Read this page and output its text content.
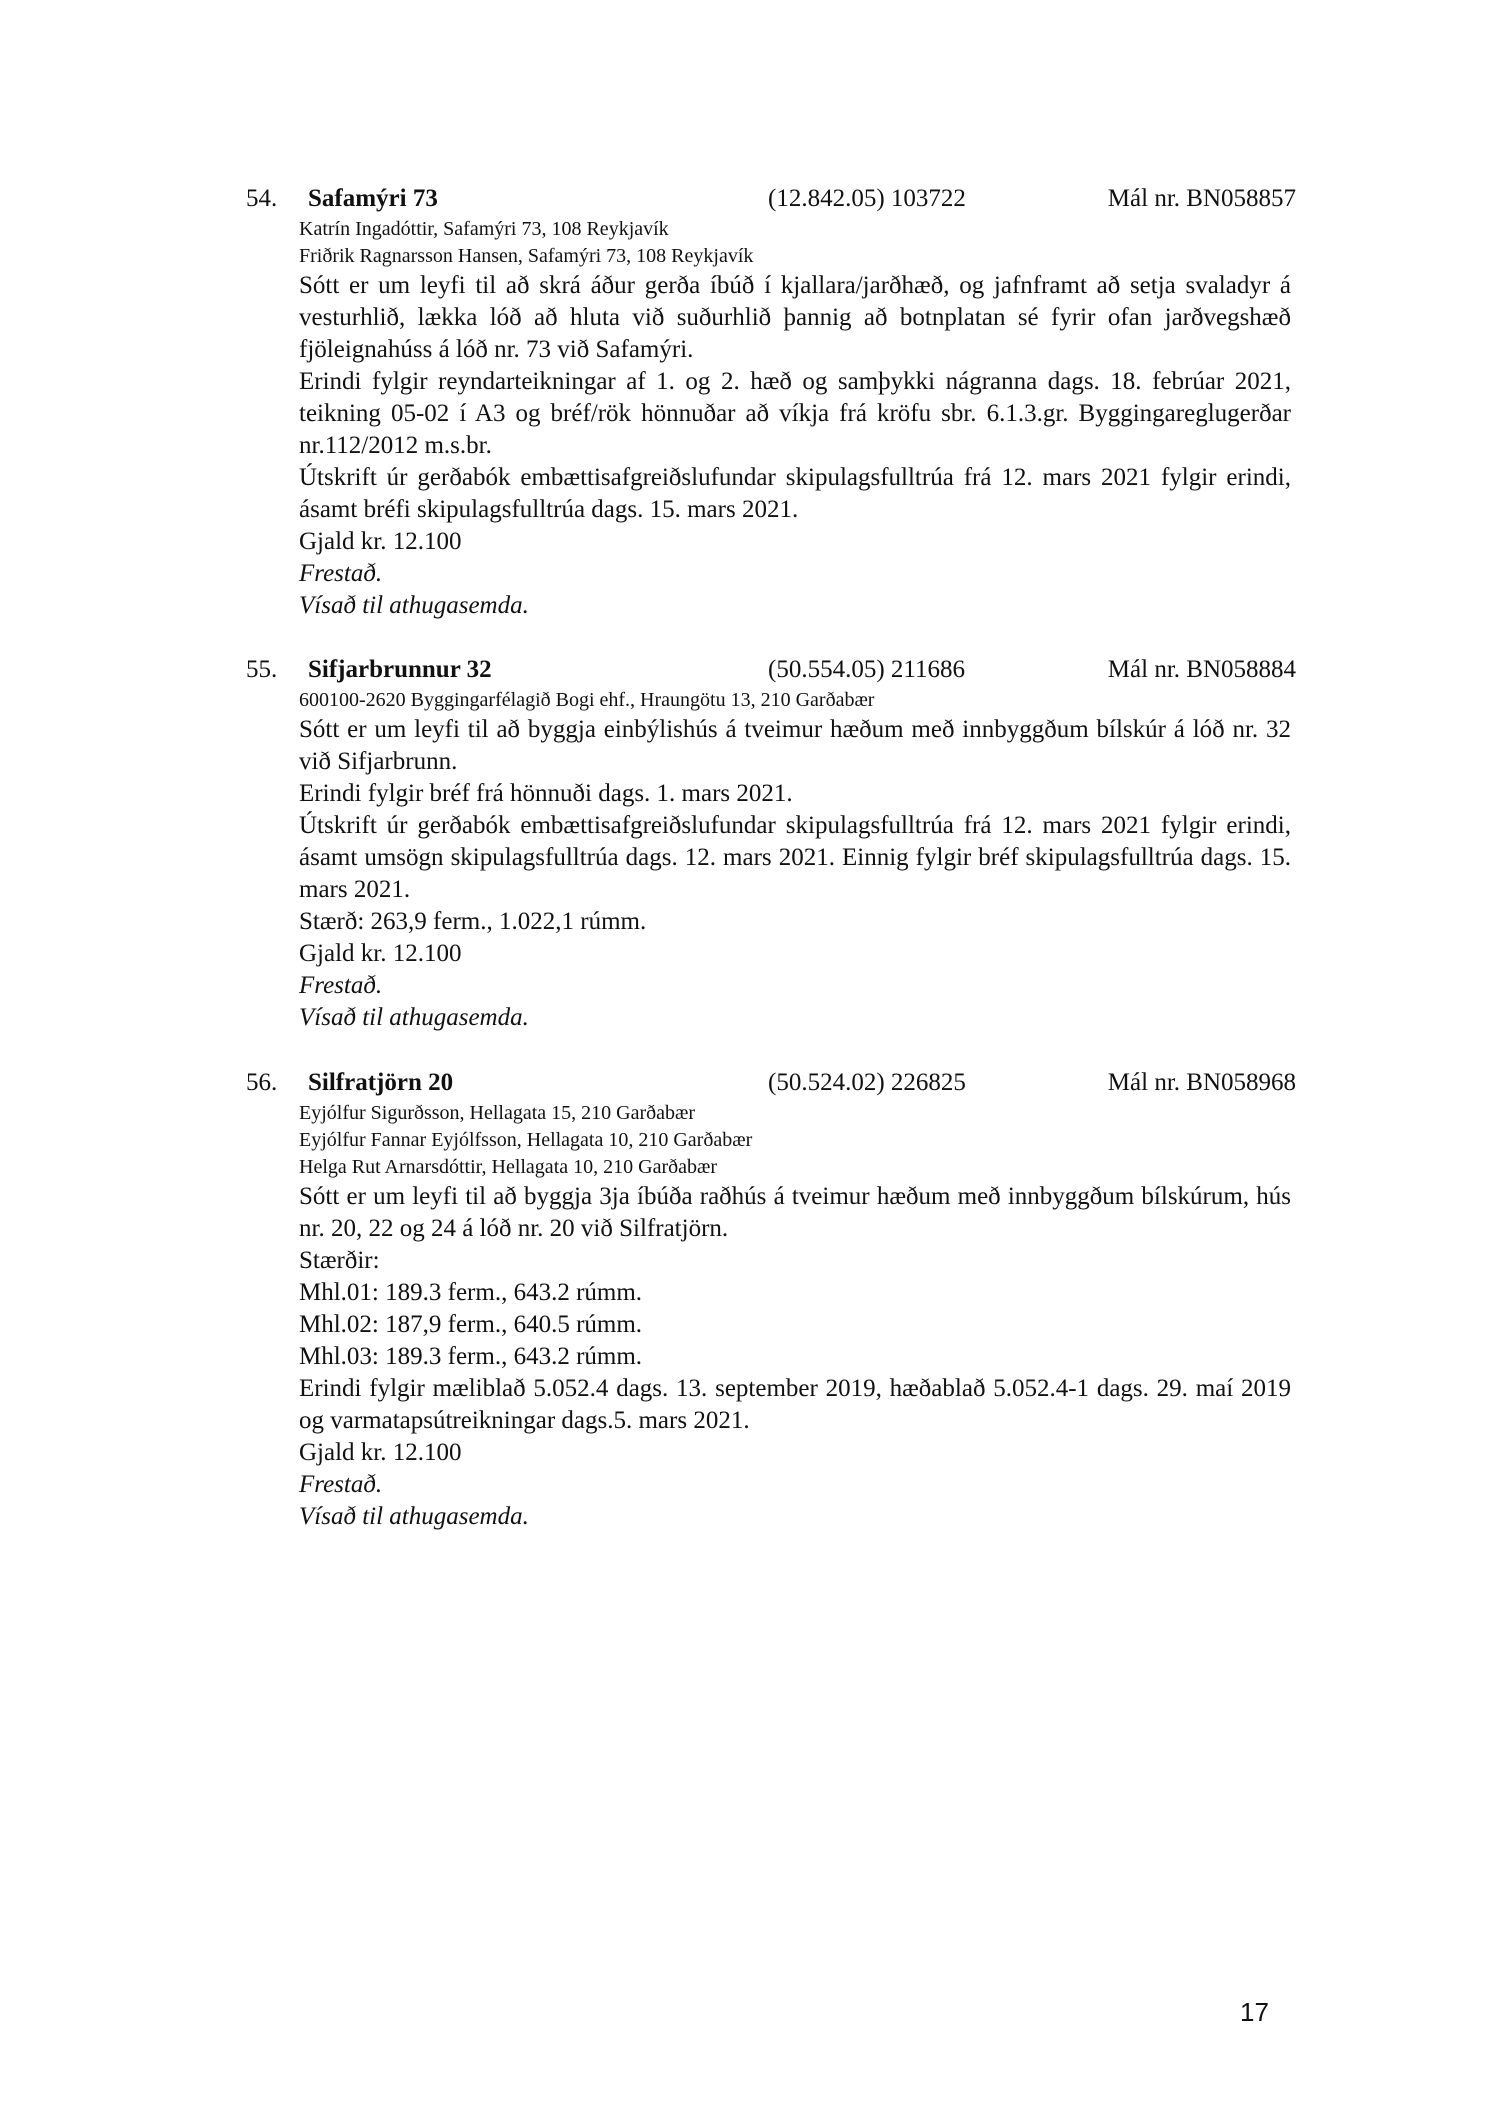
54. Safamýri 73	(12.842.05) 103722	Mál nr. BN058857
Katrín Ingadóttir, Safamýri 73, 108 Reykjavík
Friðrik Ragnarsson Hansen, Safamýri 73, 108 Reykjavík

Sótt er um leyfi til að skrá áður gerða íbúð í kjallara/jarðhæð, og jafnframt að setja svaladyr á vesturhlið, lækka lóð að hluta við suðurhlið þannig að botnplatan sé fyrir ofan jarðvegshæð fjöleignahúss á lóð nr. 73 við Safamýri.

Erindi fylgir reyndarteikningar af 1. og 2. hæð og samþykki nágranna dags. 18. febrúar 2021, teikning 05-02 í A3 og bréf/rök hönnuðar að víkja frá kröfu sbr. 6.1.3.gr. Byggingareglugerðar nr.112/2012 m.s.br.

Útskrift úr gerðabók embættisafgreiðslufundar skipulagsfulltrúa frá 12. mars 2021 fylgir erindi, ásamt bréfi skipulagsfulltrúa dags. 15. mars 2021.

Gjald kr. 12.100
Frestað.
Vísað til athugasemda.
55. Sifjarbrunnur 32	(50.554.05) 211686	Mál nr. BN058884
600100-2620 Byggingarfélagið Bogi ehf., Hraungötu 13, 210 Garðabær

Sótt er um leyfi til að byggja einbýlishús á tveimur hæðum með innbyggðum bílskúr á lóð nr. 32 við Sifjarbrunn.

Erindi fylgir bréf frá hönnuði dags. 1. mars 2021.

Útskrift úr gerðabók embættisafgreiðslufundar skipulagsfulltrúa frá 12. mars 2021 fylgir erindi, ásamt umsögn skipulagsfulltrúa dags. 12. mars 2021. Einnig fylgir bréf skipulagsfulltrúa dags. 15. mars 2021.

Stærð: 263,9 ferm., 1.022,1 rúmm.
Gjald kr. 12.100
Frestað.
Vísað til athugasemda.
56. Silfratjörn 20	(50.524.02) 226825	Mál nr. BN058968
Eyjólfur Sigurðsson, Hellagata 15, 210 Garðabær
Eyjólfur Fannar Eyjólfsson, Hellagata 10, 210 Garðabær
Helga Rut Arnarsdóttir, Hellagata 10, 210 Garðabær

Sótt er um leyfi til að byggja 3ja íbúða raðhús á tveimur hæðum með innbyggðum bílskúrum, hús nr. 20, 22 og 24 á lóð nr. 20 við Silfratjörn.

Stærðir:

Mhl.01: 189.3 ferm., 643.2 rúmm.

Mhl.02: 187,9 ferm., 640.5 rúmm.

Mhl.03: 189.3 ferm., 643.2 rúmm.

Erindi fylgir mæliblað 5.052.4 dags. 13. september 2019, hæðablað 5.052.4-1 dags. 29. maí 2019 og varmatapsútreikningar dags.5. mars 2021.

Gjald kr. 12.100
Frestað.
Vísað til athugasemda.
17
